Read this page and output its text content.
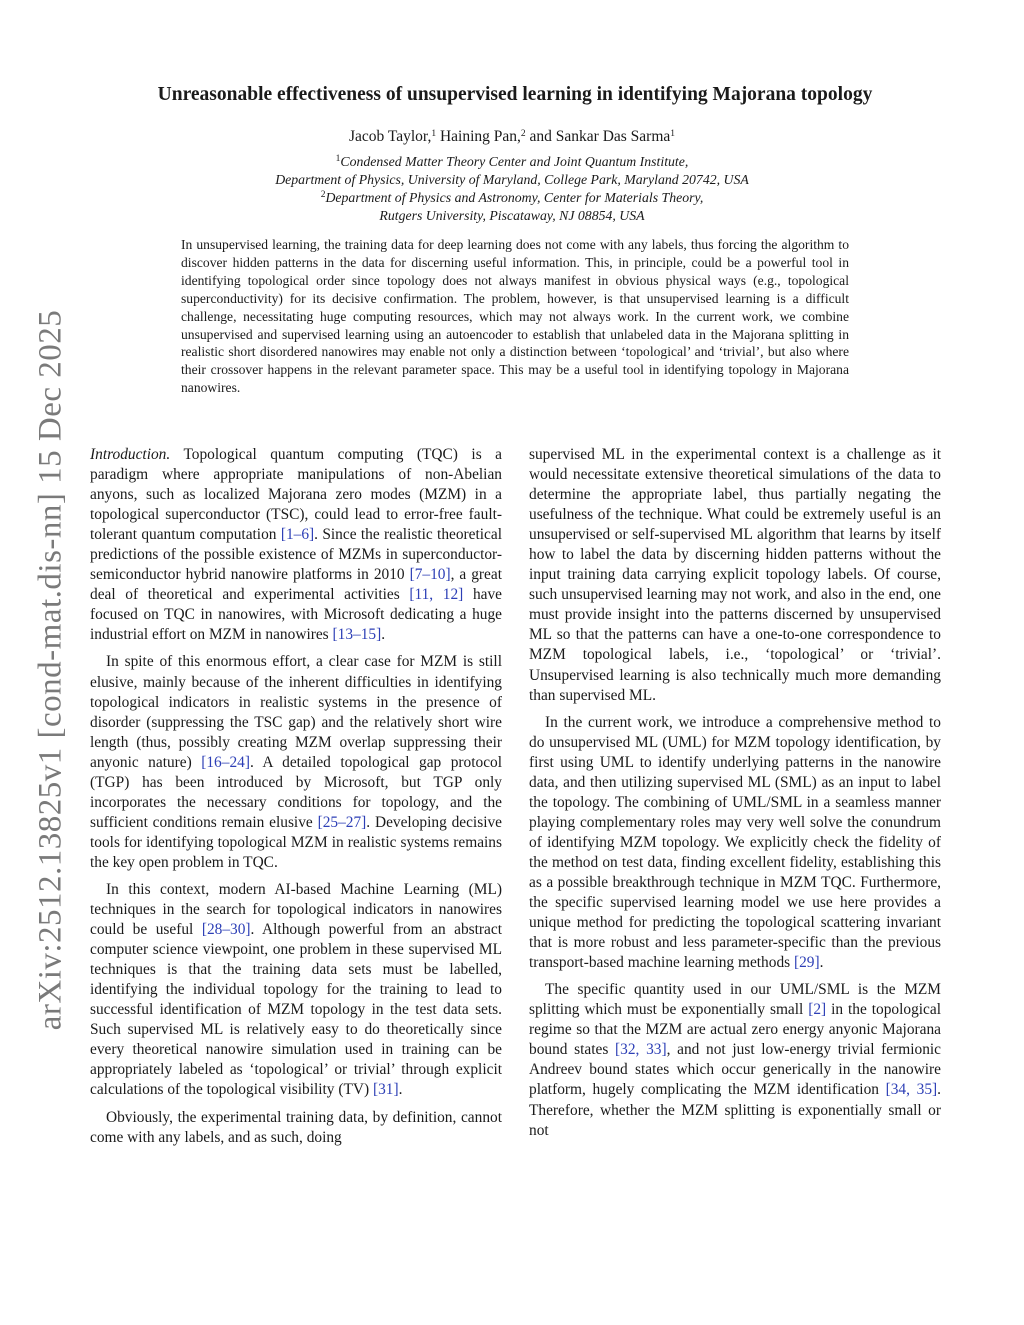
arXiv:2512.13825v1 [cond-mat.dis-nn] 15 Dec 2025
Unreasonable effectiveness of unsupervised learning in identifying Majorana topology
Jacob Taylor,$^1$ Haining Pan,$^2$ and Sankar Das Sarma$^1$
$^1$Condensed Matter Theory Center and Joint Quantum Institute,
Department of Physics, University of Maryland, College Park, Maryland 20742, USA
$^2$Department of Physics and Astronomy, Center for Materials Theory,
Rutgers University, Piscataway, NJ 08854, USA

In unsupervised learning, the training data for deep learning does not come with any labels, thus forcing the algorithm to discover hidden patterns in the data for discerning useful information. This, in principle, could be a powerful tool in identifying topological order since topology does not always manifest in obvious physical ways (e.g., topological superconductivity) for its decisive confirmation. The problem, however, is that unsupervised learning is a difficult challenge, necessitating huge computing resources, which may not always work. In the current work, we combine unsupervised and supervised learning using an autoencoder to establish that unlabeled data in the Majorana splitting in realistic short disordered nanowires may enable not only a distinction between ‘topological’ and ‘trivial’, but also where their crossover happens in the relevant parameter space. This may be a useful tool in identifying topology in Majorana nanowires.

Introduction. Topological quantum computing (TQC) is a paradigm where appropriate manipulations of non-Abelian anyons, such as localized Majorana zero modes (MZM) in a topological superconductor (TSC), could lead to error-free fault-tolerant quantum computation [1–6]. Since the realistic theoretical predictions of the possible existence of MZMs in superconductor-semiconductor hybrid nanowire platforms in 2010 [7–10], a great deal of theoretical and experimental activities [11, 12] have focused on TQC in nanowires, with Microsoft dedicating a huge industrial effort on MZM in nanowires [13–15].

In spite of this enormous effort, a clear case for MZM is still elusive, mainly because of the inherent difficulties in identifying topological indicators in realistic systems in the presence of disorder (suppressing the TSC gap) and the relatively short wire length (thus, possibly creating MZM overlap suppressing their anyonic nature) [16–24]. A detailed topological gap protocol (TGP) has been introduced by Microsoft, but TGP only incorporates the necessary conditions for topology, and the sufficient conditions remain elusive [25–27]. Developing decisive tools for identifying topological MZM in realistic systems remains the key open problem in TQC.

In this context, modern AI-based Machine Learning (ML) techniques in the search for topological indicators in nanowires could be useful [28–30]. Although powerful from an abstract computer science viewpoint, one problem in these supervised ML techniques is that the training data sets must be labelled, identifying the individual topology for the training to lead to successful identification of MZM topology in the test data sets. Such supervised ML is relatively easy to do theoretically since every theoretical nanowire simulation used in training can be appropriately labeled as ‘topological’ or trivial’ through explicit calculations of the topological visibility (TV) [31].

Obviously, the experimental training data, by definition, cannot come with any labels, and as such, doing

supervised ML in the experimental context is a challenge as it would necessitate extensive theoretical simulations of the data to determine the appropriate label, thus partially negating the usefulness of the technique. What could be extremely useful is an unsupervised or self-supervised ML algorithm that learns by itself how to label the data by discerning hidden patterns without the input training data carrying explicit topology labels. Of course, such unsupervised learning may not work, and also in the end, one must provide insight into the patterns discerned by unsupervised ML so that the patterns can have a one-to-one correspondence to MZM topological labels, i.e., ‘topological’ or ‘trivial’. Unsupervised learning is also technically much more demanding than supervised ML.

In the current work, we introduce a comprehensive method to do unsupervised ML (UML) for MZM topology identification, by first using UML to identify underlying patterns in the nanowire data, and then utilizing supervised ML (SML) as an input to label the topology. The combining of UML/SML in a seamless manner playing complementary roles may very well solve the conundrum of identifying MZM topology. We explicitly check the fidelity of the method on test data, finding excellent fidelity, establishing this as a possible breakthrough technique in MZM TQC. Furthermore, the specific supervised learning model we use here provides a unique method for predicting the topological scattering invariant that is more robust and less parameter-specific than the previous transport-based machine learning methods [29].

The specific quantity used in our UML/SML is the MZM splitting which must be exponentially small [2] in the topological regime so that the MZM are actual zero energy anyonic Majorana bound states [32, 33], and not just low-energy trivial fermionic Andreev bound states which occur generically in the nanowire platform, hugely complicating the MZM identification [34, 35]. Therefore, whether the MZM splitting is exponentially small or not
